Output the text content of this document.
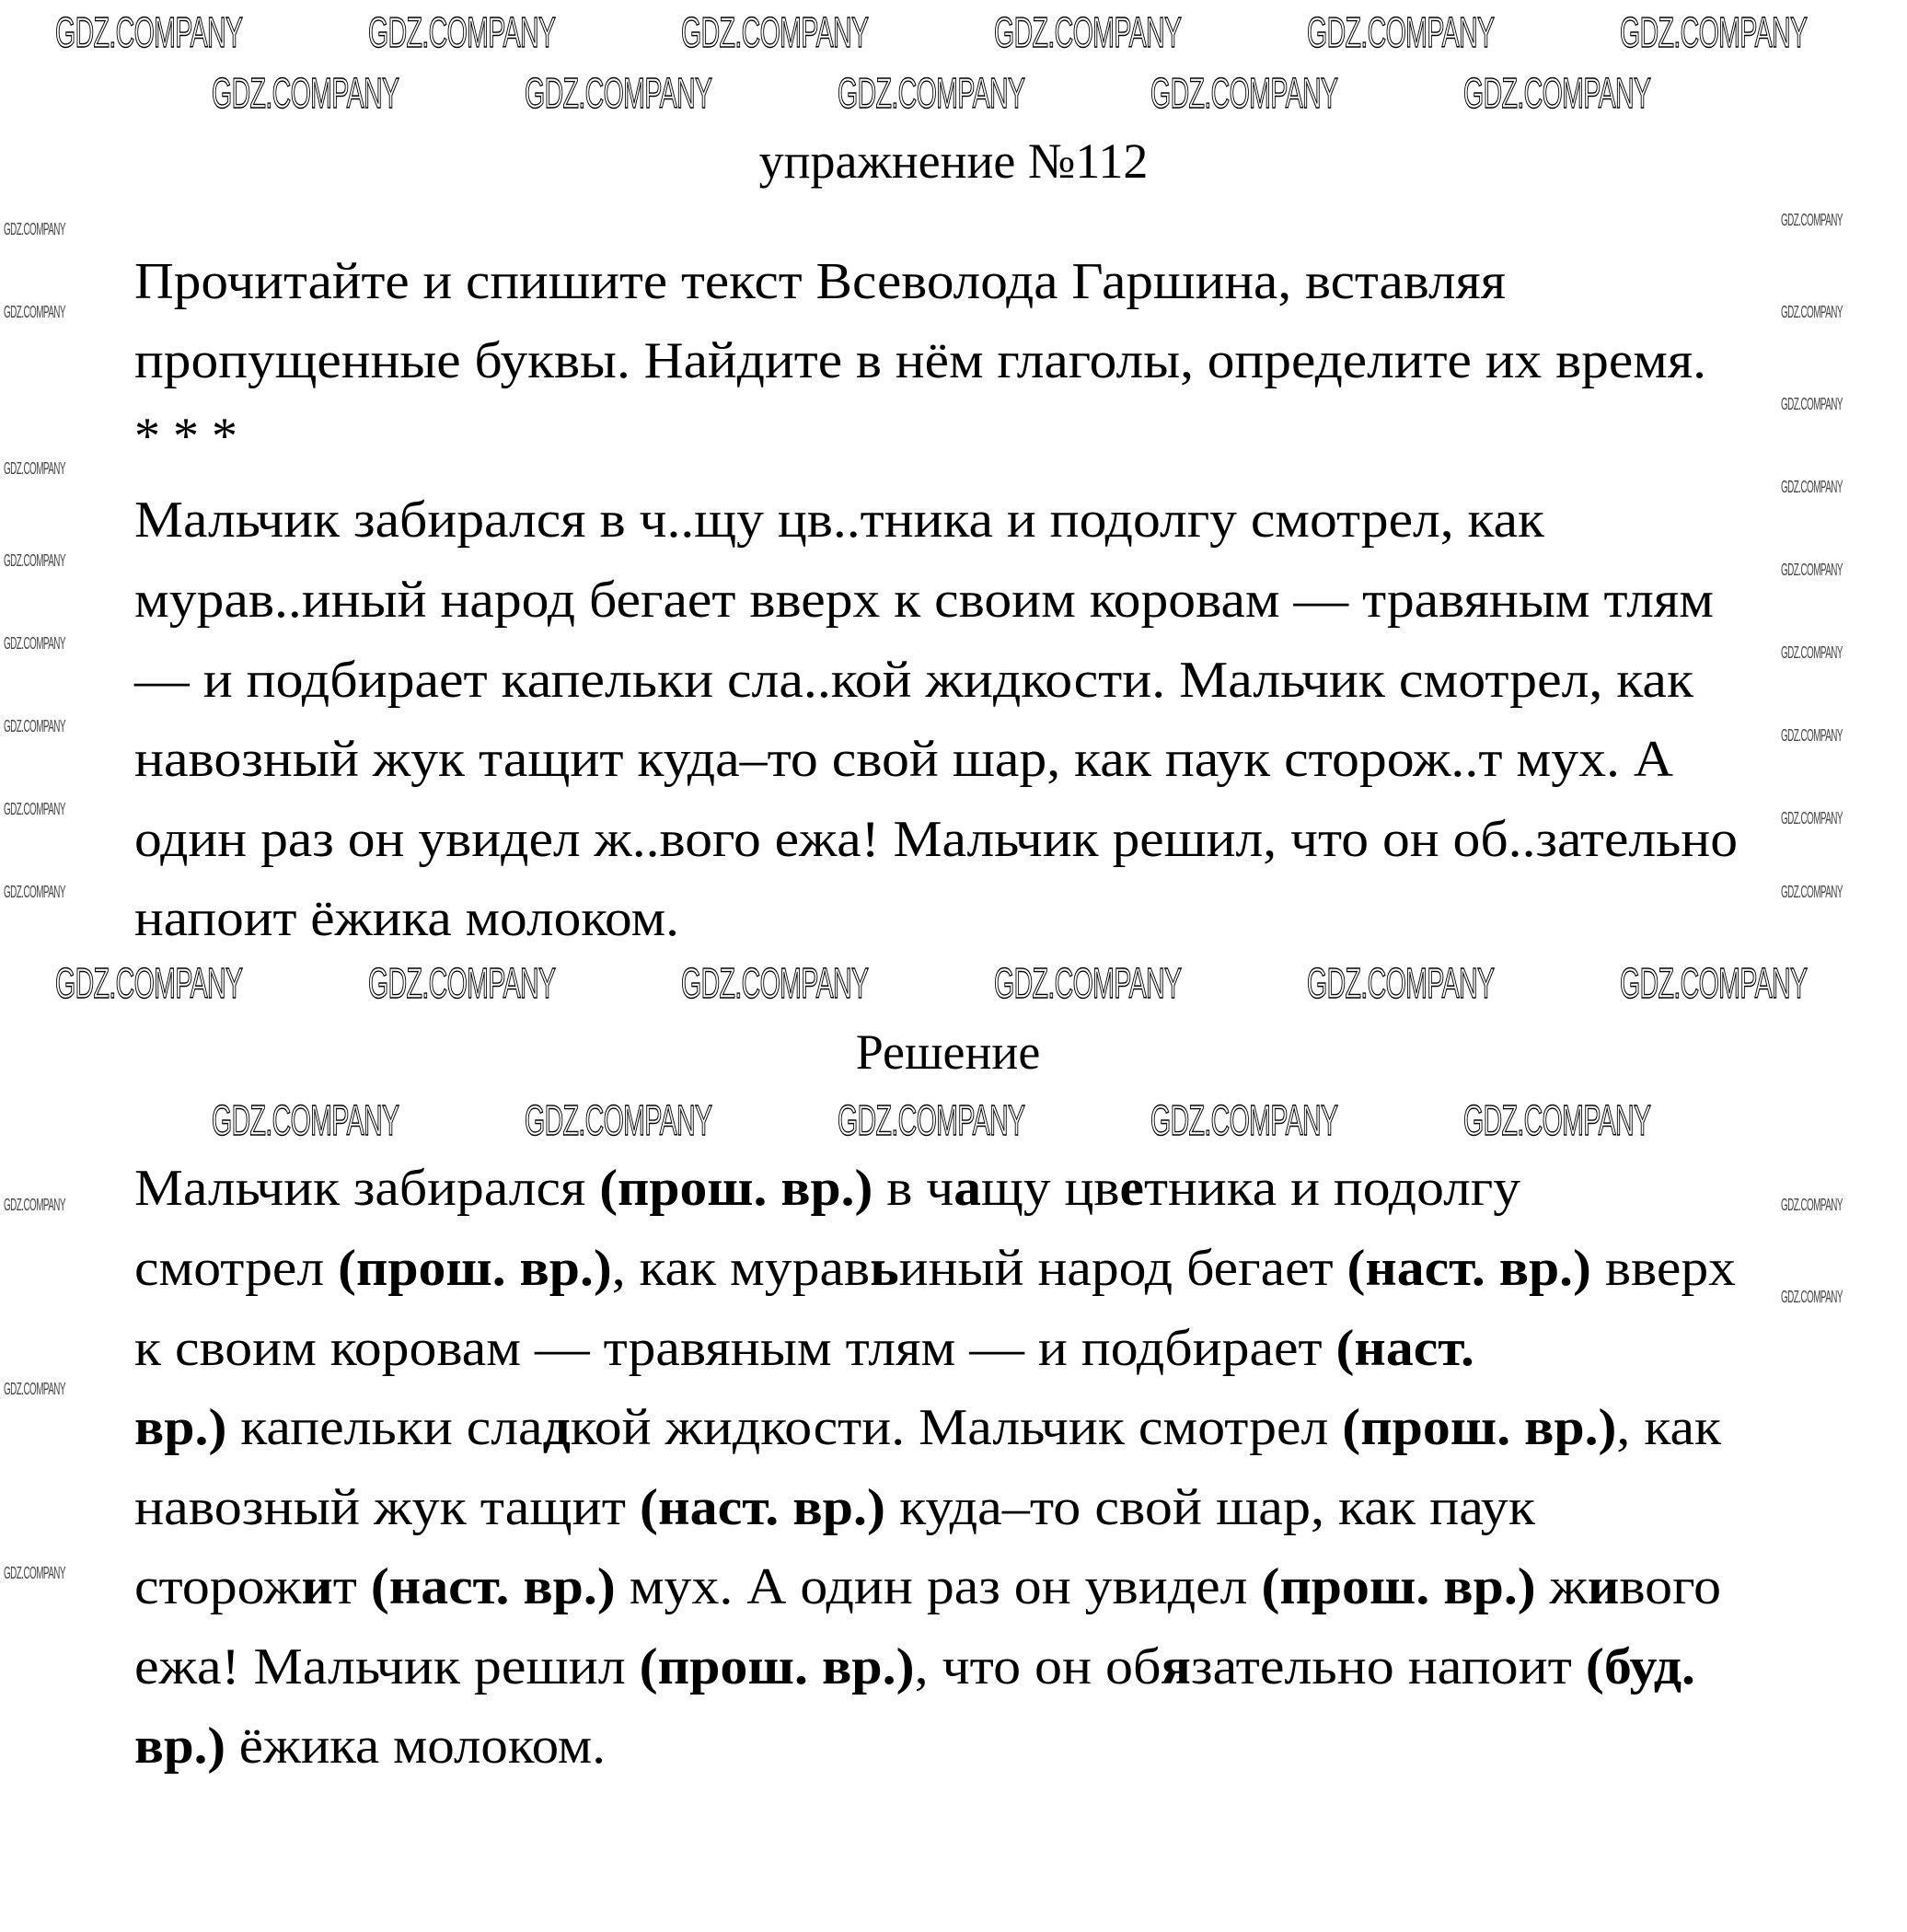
упражнение №112
Прочитайте и спишите текст Всеволода Гаршина, вставляя
пропущенные буквы. Найдите в нём глаголы, определите их время.
* * *
Мальчик забирался в ч..щу цв..тника и подолгу смотрел, как
мурав..иный народ бегает вверх к своим коровам — травяным тлям
— и подбирает капельки сла..кой жидкости. Мальчик смотрел, как
навозный жук тащит куда–то свой шар, как паук сторож..т мух. А
один раз он увидел ж..вого ежа! Мальчик решил, что он об..зательно
напоит ёжика молоком.
Решение
Мальчик забирался (прош. вр.) в чащу цветника и подолгу
смотрел (прош. вр.), как муравьиный народ бегает (наст. вр.) вверх
к своим коровам — травяным тлям — и подбирает (наст.
вр.) капельки сладкой жидкости. Мальчик смотрел (прош. вр.), как
навозный жук тащит (наст. вр.) куда–то свой шар, как паук
сторожит (наст. вр.) мух. А один раз он увидел (прош. вр.) живого
ежа! Мальчик решил (прош. вр.), что он обязательно напоит (буд.
вр.) ёжика молоком.
GDZ.COMPANY	GDZ.COMPANY	GDZ.COMPANY	GDZ.COMPANY	GDZ.COMPANY	GDZ.COMPANY
GDZ.COMPANY	GDZ.COMPANY	GDZ.COMPANY	GDZ.COMPANY	GDZ.COMPANY
GDZ.COMPANY	GDZ.COMPANY	GDZ.COMPANY	GDZ.COMPANY	GDZ.COMPANY	GDZ.COMPANY
GDZ.COMPANY	GDZ.COMPANY	GDZ.COMPANY	GDZ.COMPANY	GDZ.COMPANY
GDZ.COMPANY
GDZ.COMPANY
GDZ.COMPANY
GDZ.COMPANY
GDZ.COMPANY
GDZ.COMPANY
GDZ.COMPANY
GDZ.COMPANY
GDZ.COMPANY
GDZ.COMPANY
GDZ.COMPANY
GDZ.COMPANY
GDZ.COMPANY
GDZ.COMPANY
GDZ.COMPANY
GDZ.COMPANY
GDZ.COMPANY
GDZ.COMPANY
GDZ.COMPANY
GDZ.COMPANY
GDZ.COMPANY
GDZ.COMPANY
